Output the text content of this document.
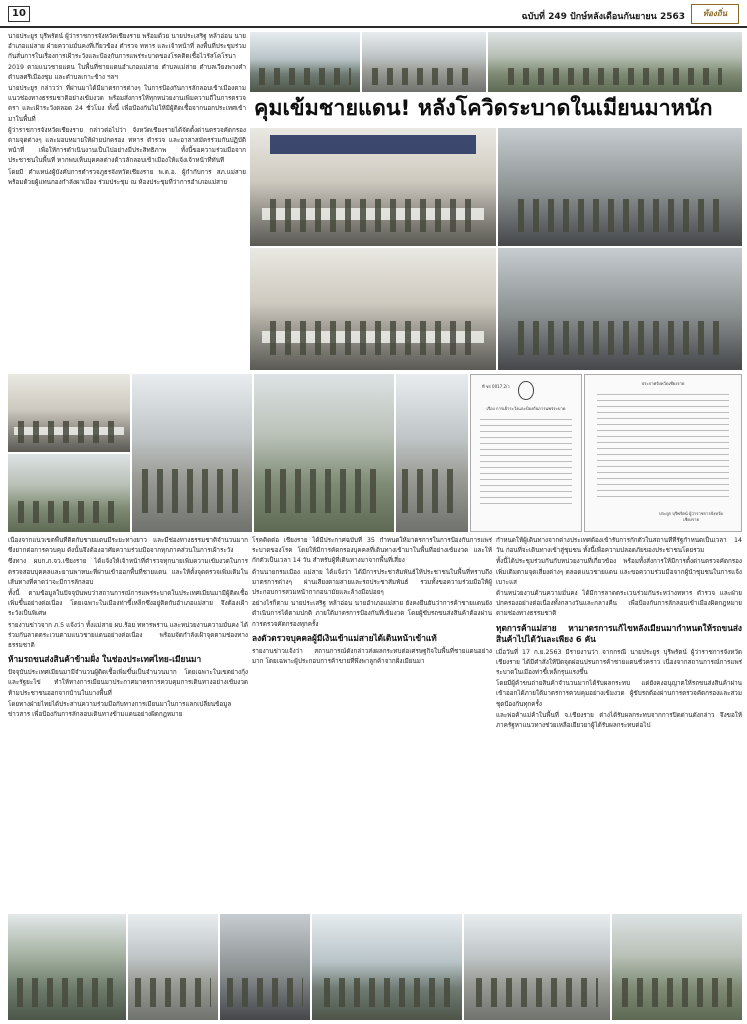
10	ฉบับที่ 249 ปักษ์หลังเดือนกันยายน 2563	ท้องถิ่น

นายประยูร บุรีพรัตน์ ผู้ว่าราชการจังหวัดเชียงราย พร้อมด้วย นายประเสริฐ หล้าอ่อน นายอำเภอแม่สาย ฝ่ายความมั่นคงที่เกี่ยวข้อง ตำรวจ ทหาร และเจ้าหน้าที่ ลงพื้นที่ประชุมร่วมกันสั่นการในเรื่องการเฝ้าระวังและป้องกันการแพร่ระบาดของโรคติดเชื้อไวรัสโคโรนา 2019 ตามแนวชายแดน ในพื้นที่ชายแดนอำเภอแม่สาย ตำบลแม่สาย ตำบลเวียงพางคำ ตำบลศรีเมืองชุม และตำบลเกาะช้าง ฯลฯ

นายประยูร กล่าวว่า ที่ผ่านมาได้มีมาตรการต่างๆ ในการป้องกันการลักลอบเข้าเมืองตามแนวช่องทางธรรมชาติอย่างเข้มงวด พร้อมสั่งการให้ทุกหน่วยงานเพิ่มความถี่ในการตรวจตรา และเฝ้าระวังตลอด 24 ชั่วโมง ทั้งนี้ เพื่อป้องกันไม่ให้มีผู้ติดเชื้อจากนอกประเทศเข้ามาในพื้นที่

ผู้ว่าราชการจังหวัดเชียงราย กล่าวต่อไปว่า จังหวัดเชียงรายได้จัดตั้งด่านตรวจคัดกรองตามจุดต่างๆ และมอบหมายให้ฝ่ายปกครอง ทหาร ตำรวจ และอาสาสมัครร่วมกันปฏิบัติหน้าที่ เพื่อให้การดำเนินงานเป็นไปอย่างมีประสิทธิภาพ ทั้งนี้ขอความร่วมมือจากประชาชนในพื้นที่ หากพบเห็นบุคคลต่างด้าวลักลอบเข้าเมืองให้แจ้งเจ้าหน้าที่ทันที

โดยมี ตำแหน่งผู้บังคับการตำรวจภูธรจังหวัดเชียงราย พ.ต.อ. ผู้กำกับการ สภ.แม่สาย พร้อมด้วยผู้แทนกองกำลังผาเมือง ร่วมประชุม ณ ห้องประชุมที่ว่าการอำเภอแม่สาย

คุมเข้มชายแดน! หลังโควิดระบาดในเมียนมาหนัก
ที่ ชร 0017.2/ว
เรื่อง การเฝ้าระวังและป้องกันการแพร่ระบาด
ประกาศจังหวัดเชียงราย
ประยูร บุรีพรัตน์ ผู้ว่าราชการจังหวัดเชียงราย

เนื่องจากแนวเขตพื้นที่ติดกับชายแดนมีระยะทางยาว และมีช่องทางธรรมชาติจำนวนมาก ซึ่งยากต่อการควบคุม ดังนั้นจึงต้องอาศัยความร่วมมือจากทุกภาคส่วนในการเฝ้าระวัง

ซึ่งทาง ผบก.ภ.จว.เชียงราย ได้แจ้งให้เจ้าหน้าที่ตำรวจทุกนายเพิ่มความเข้มงวดในการตรวจสอบบุคคลและยานพาหนะที่ผ่านเข้าออกพื้นที่ชายแดน และให้ตั้งจุดตรวจเพิ่มเติมในเส้นทางที่คาดว่าจะมีการลักลอบ

ทั้งนี้ ตามข้อมูลในปัจจุบันพบว่าสถานการณ์การแพร่ระบาดในประเทศเมียนมามีผู้ติดเชื้อเพิ่มขึ้นอย่างต่อเนื่อง โดยเฉพาะในเมืองท่าขี้เหล็กซึ่งอยู่ติดกับอำเภอแม่สาย จึงต้องเฝ้าระวังเป็นพิเศษ

รายงานข่าวจาก ภ.5 แจ้งว่า ทั้งแม่สาย ผบ.ร้อย ทหารพราน และหน่วยงานความมั่นคง ได้ร่วมกันลาดตระเวนตามแนวชายแดนอย่างต่อเนื่อง พร้อมจัดกำลังเฝ้าจุดตามช่องทางธรรมชาติ

ห้ามรถขนส่งสินค้าข้ามฝั่ง ในช่องประเทศไทย-เมียนมา

ปัจจุบันประเทศเมียนมามีจำนวนผู้ติดเชื้อเพิ่มขึ้นเป็นจำนวนมาก โดยเฉพาะในเขตย่างกุ้งและรัฐยะไข่ ทำให้ทางการเมียนมาประกาศมาตรการควบคุมการเดินทางอย่างเข้มงวด ห้ามประชาชนออกจากบ้านในบางพื้นที่

โดยทางฝ่ายไทยได้ประสานความร่วมมือกับทางการเมียนมาในการแลกเปลี่ยนข้อมูลข่าวสาร เพื่อป้องกันการลักลอบเดินทางข้ามแดนอย่างผิดกฎหมาย

โรคติดต่อ เชียงราย ได้มีประกาศฉบับที่ 35 กำหนดให้มาตรการในการป้องกันการแพร่ระบาดของโรค โดยให้มีการคัดกรองบุคคลที่เดินทางเข้ามาในพื้นที่อย่างเข้มงวด และให้กักตัวเป็นเวลา 14 วัน สำหรับผู้ที่เดินทางมาจากพื้นที่เสี่ยง

ด้านนายกรมเมือง แม่สาย ได้แจ้งว่า ได้มีการประชาสัมพันธ์ให้ประชาชนในพื้นที่ทราบถึงมาตรการต่างๆ ผ่านเสียงตามสายและรถประชาสัมพันธ์ รวมทั้งขอความร่วมมือให้ผู้ประกอบการสวมหน้ากากอนามัยและล้างมือบ่อยๆ

อย่างไรก็ตาม นายประเสริฐ หล้าอ่อน นายอำเภอแม่สาย ยังคงยืนยันว่าการค้าชายแดนยังดำเนินการได้ตามปกติ ภายใต้มาตรการป้องกันที่เข้มงวด โดยผู้ขับรถขนส่งสินค้าต้องผ่านการตรวจคัดกรองทุกครั้ง

ลงตัวตรวจบุคคลผู้มีเงินเข้าแม่สายได้เดินหน้าเข้าแท้

รายงานข่าวแจ้งว่า สถานการณ์ดังกล่าวส่งผลกระทบต่อเศรษฐกิจในพื้นที่ชายแดนอย่างมาก โดยเฉพาะผู้ประกอบการค้าขายที่พึ่งพาลูกค้าจากฝั่งเมียนมา

กำหนดให้ผู้เดินทางจากต่างประเทศต้องเข้ารับการกักตัวในสถานที่ที่รัฐกำหนดเป็นเวลา 14 วัน ก่อนที่จะเดินทางเข้าสู่ชุมชน ทั้งนี้เพื่อความปลอดภัยของประชาชนโดยรวม

ทั้งนี้ได้ประชุมร่วมกันกับหน่วยงานที่เกี่ยวข้อง พร้อมทั้งสั่งการให้มีการตั้งด่านตรวจคัดกรองเพิ่มเติมตามจุดเสี่ยงต่างๆ ตลอดแนวชายแดน และขอความร่วมมือจากผู้นำชุมชนในการแจ้งเบาะแส

ด้านหน่วยงานด้านความมั่นคง ได้มีการลาดตระเวนร่วมกันระหว่างทหาร ตำรวจ และฝ่ายปกครองอย่างต่อเนื่องทั้งกลางวันและกลางคืน เพื่อป้องกันการลักลอบเข้าเมืองผิดกฎหมายตามช่องทางธรรมชาติ

ทุตการค้าแม่สาย หามาตรการแก้ไขหลังเมียนมากำหนดให้รถขนส่งสินค้าไปได้วันละเพียง 6 คัน

เมื่อวันที่ 17 ก.ย.2563 มีรายงานว่า จากกรณี นายประยูร บุรีพรัตน์ ผู้ว่าราชการจังหวัดเชียงราย ได้มีคำสั่งให้ปิดจุดผ่อนปรนการค้าชายแดนชั่วคราว เนื่องจากสถานการณ์การแพร่ระบาดในเมืองท่าขี้เหล็กรุนแรงขึ้น

โดยมีผู้ค้าขนถ่ายสินค้าจำนวนมากได้รับผลกระทบ แต่ยังคงอนุญาตให้รถขนส่งสินค้าผ่านเข้าออกได้ภายใต้มาตรการควบคุมอย่างเข้มงวด ผู้ขับรถต้องผ่านการตรวจคัดกรองและสวมชุดป้องกันทุกครั้ง

และพ่อค้าแม่ค้าในพื้นที่ จ.เชียงราย ต่างได้รับผลกระทบจากการปิดด่านดังกล่าว จึงขอให้ภาครัฐหาแนวทางช่วยเหลือเยียวยาผู้ได้รับผลกระทบต่อไป
